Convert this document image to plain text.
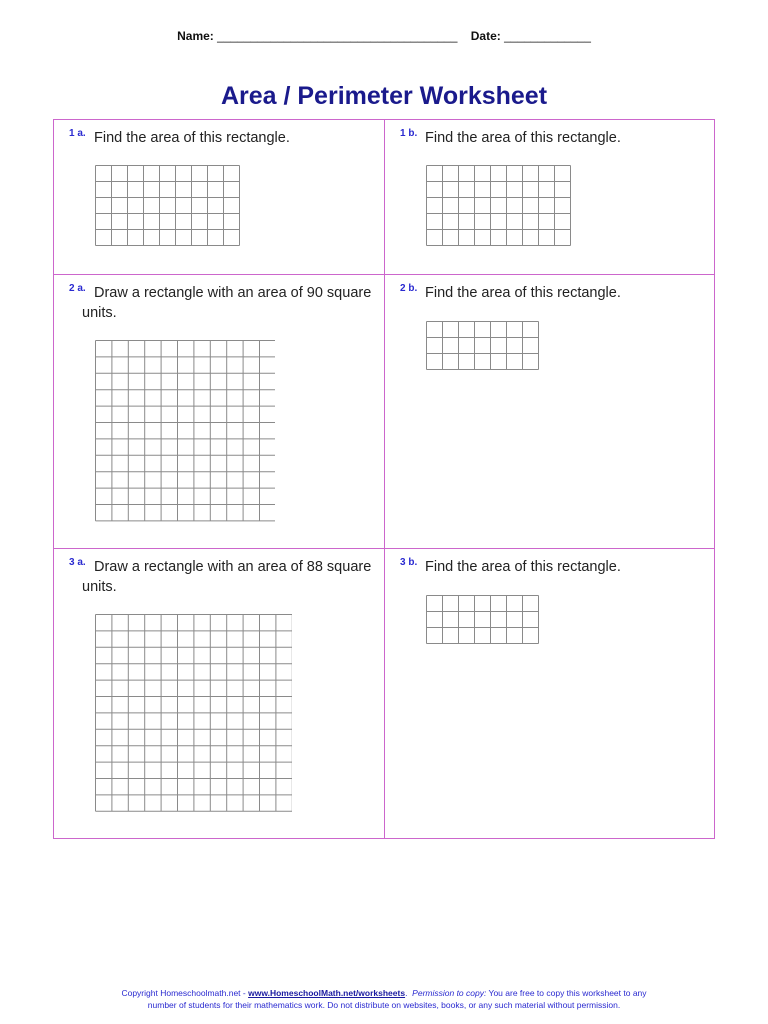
Name: ____________________________________ Date: _____________
Area / Perimeter Worksheet
1 a. Find the area of this rectangle.	1 b. Find the area of this rectangle.
2 a. Draw a rectangle with an area of 90 square
units.
2 b. Find the area of this rectangle.
3 a. Draw a rectangle with an area of 88 square
units.
3 b. Find the area of this rectangle.
Copyright Homeschoolmath.net - www.HomeschoolMath.net/worksheets. Permission to copy: You are free to copy this worksheet to any
number of students for their mathematics work. Do not distribute on websites, books, or any such material without permission.
